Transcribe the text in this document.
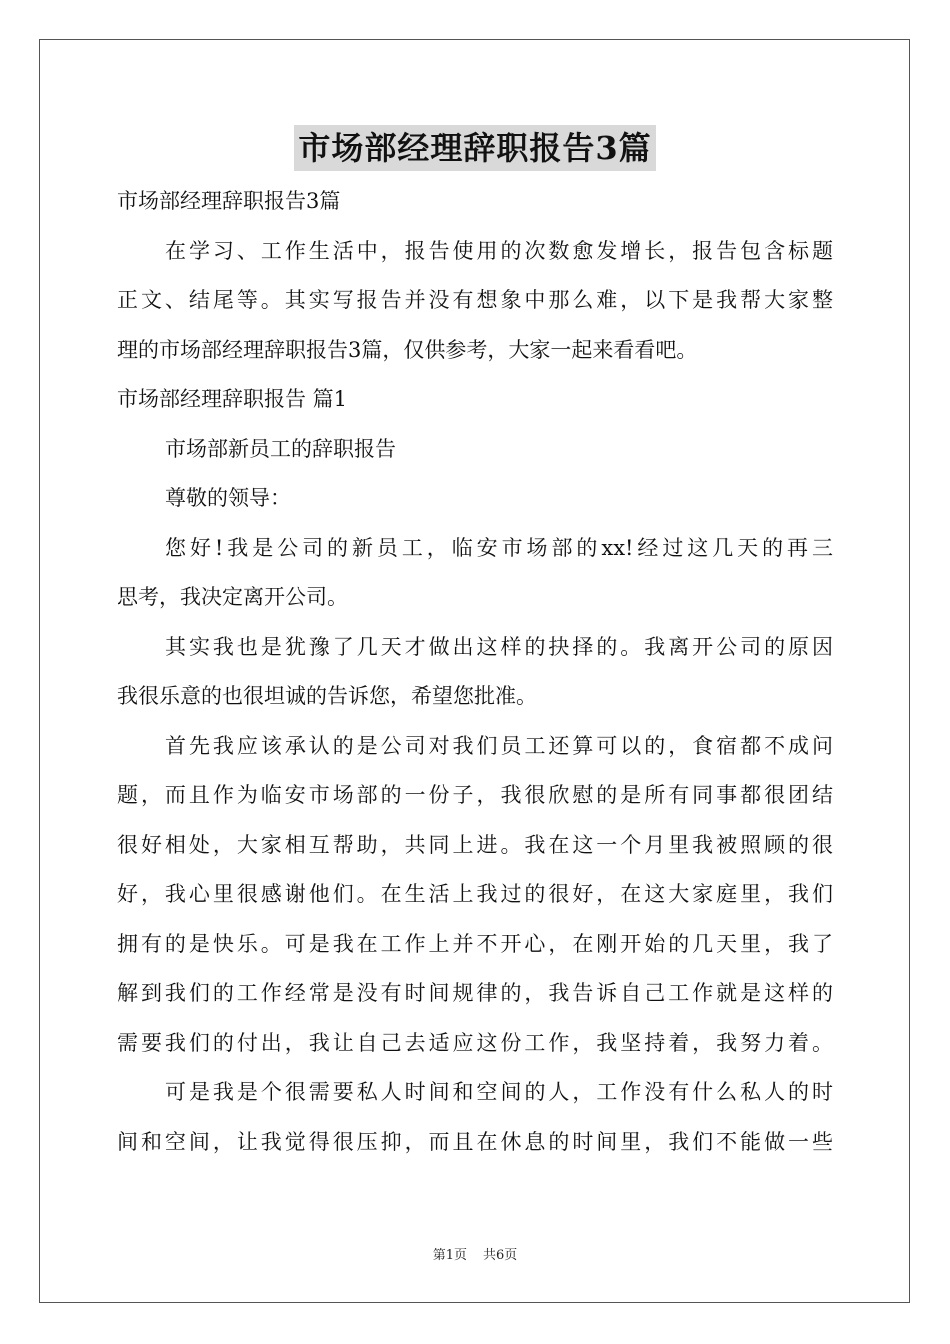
市场部经理辞职报告3篇

市场部经理辞职报告3篇

在学习、工作生活中，报告使用的次数愈发增长，报告包含标题

正文、结尾等。其实写报告并没有想象中那么难，以下是我帮大家整

理的市场部经理辞职报告3篇，仅供参考，大家一起来看看吧。

市场部经理辞职报告 篇1

市场部新员工的辞职报告

尊敬的领导：

您好!我是公司的新员工，临安市场部的xx!经过这几天的再三

思考，我决定离开公司。

其实我也是犹豫了几天才做出这样的抉择的。我离开公司的原因

我很乐意的也很坦诚的告诉您，希望您批准。

首先我应该承认的是公司对我们员工还算可以的，食宿都不成问

题，而且作为临安市场部的一份子，我很欣慰的是所有同事都很团结

很好相处，大家相互帮助，共同上进。我在这一个月里我被照顾的很

好，我心里很感谢他们。在生活上我过的很好，在这大家庭里，我们

拥有的是快乐。可是我在工作上并不开心，在刚开始的几天里，我了

解到我们的工作经常是没有时间规律的，我告诉自己工作就是这样的

需要我们的付出，我让自己去适应这份工作，我坚持着，我努力着。

可是我是个很需要私人时间和空间的人，工作没有什么私人的时

间和空间，让我觉得很压抑，而且在休息的时间里，我们不能做一些

第1页 共6页
